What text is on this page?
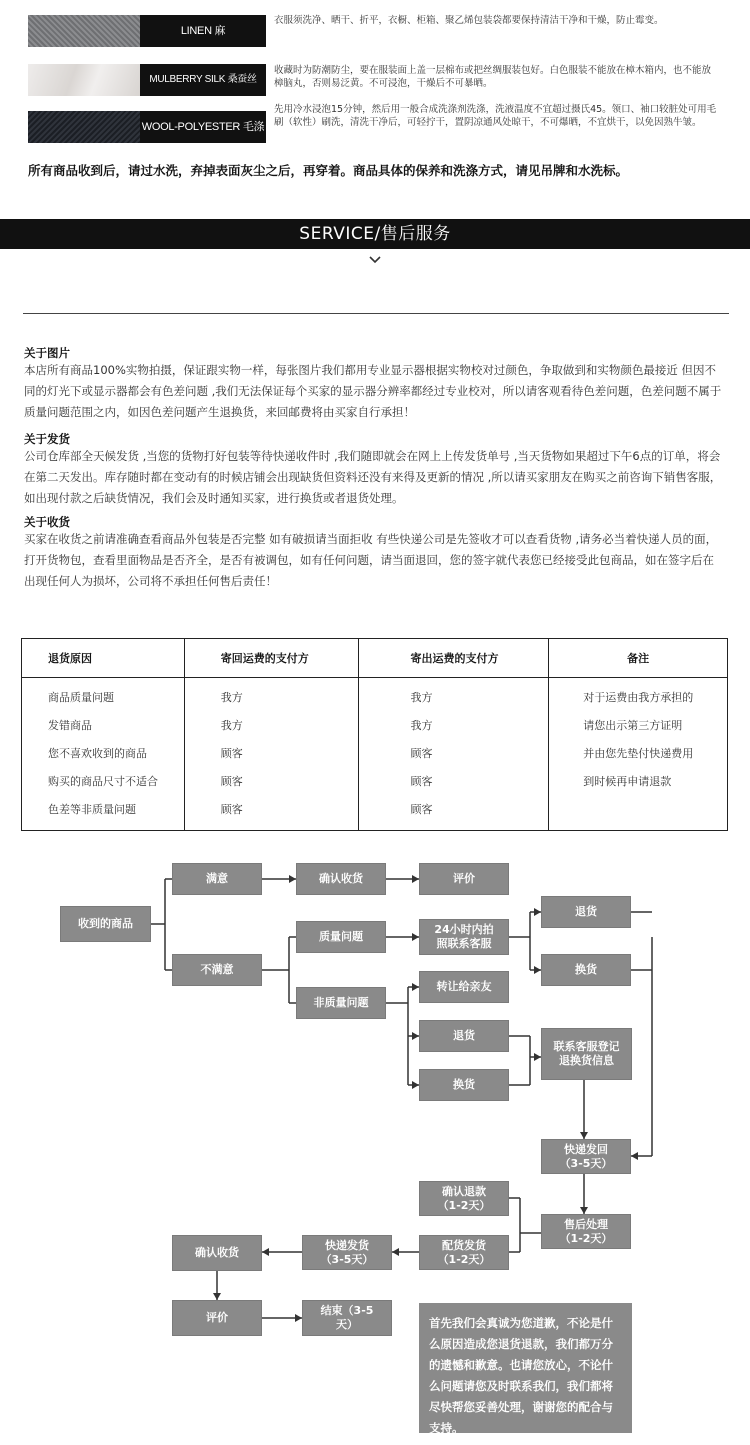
LINEN 麻
衣服须洗净、晒干、折平，衣橱、柜箱、聚乙烯包装袋都要保持清洁干净和干燥，防止霉变。
MULBERRY SILK 桑蚕丝
收藏时为防潮防尘，要在服装面上盖一层棉布或把丝绸服装包好。白色服装不能放在樟木箱内，也不能放樟脑丸，否则易泛黄。不可浸泡，干燥后不可暴晒。
WOOL-POLYESTER 毛涤
先用冷水浸泡15分钟，然后用一般合成洗涤剂洗涤，洗液温度不宜超过摄氏45。领口、袖口较脏处可用毛刷（软性）刷洗，清洗干净后，可轻拧干，置阴凉通风处晾干，不可爆晒，不宜烘干，以免因熟牛皱。
所有商品收到后，请过水洗，弃掉表面灰尘之后，再穿着。商品具体的保养和洗涤方式，请见吊牌和水洗标。
SERVICE/售后服务
关于图片
本店所有商品100%实物拍摄，保证跟实物一样，每张图片我们都用专业显示器根据实物校对过颜色，争取做到和实物颜色最接近 但因不同的灯光下或显示器都会有色差问题 ,我们无法保证每个买家的显示器分辨率都经过专业校对，所以请客观看待色差问题，色差问题不属于质量问题范围之内，如因色差问题产生退换货，来回邮费将由买家自行承担！
关于发货
公司仓库部全天候发货 ,当您的货物打好包装等待快递收件时 ,我们随即就会在网上上传发货单号 ,当天货物如果超过下午6点的订单，将会在第二天发出。库存随时都在变动有的时候店铺会出现缺货但资料还没有来得及更新的情况 ,所以请买家朋友在购买之前咨询下销售客服，如出现付款之后缺货情况，我们会及时通知买家，进行换货或者退货处理。
关于收货
买家在收货之前请准确查看商品外包装是否完整 如有破损请当面拒收 有些快递公司是先签收才可以查看货物 ,请务必当着快递人员的面，打开货物包，查看里面物品是否齐全，是否有被调包，如有任何问题，请当面退回，您的签字就代表您已经接受此包商品，如在签字后在出现任何人为损坏，公司将不承担任何售后责任！
退货原因	寄回运费的支付方	寄出运费的支付方	备注
商品质量问题	我方	我方	对于运费由我方承担的
发错商品	我方	我方	请您出示第三方证明
您不喜欢收到的商品	顾客	顾客	并由您先垫付快递费用
购买的商品尺寸不适合	顾客	顾客	到时候再申请退款
色差等非质量问题	顾客	顾客	
收到的商品
满意	确认收货	评价
不满意
质量问题
24小时内拍照联系客服
退货
换货
非质量问题
转让给亲友
退货
换货
联系客服登记退换货信息
快递发回（3-5天）
售后处理（1-2天）
确认退款（1-2天）
配货发货（1-2天）
快递发货（3-5天）
确认收货
评价
结束（3-5天）	首先我们会真诚为您道歉，不论是什么原因造成您退货退款，我们都万分的遗憾和歉意。也请您放心，不论什么问题请您及时联系我们，我们都将尽快帮您妥善处理，谢谢您的配合与支持。
